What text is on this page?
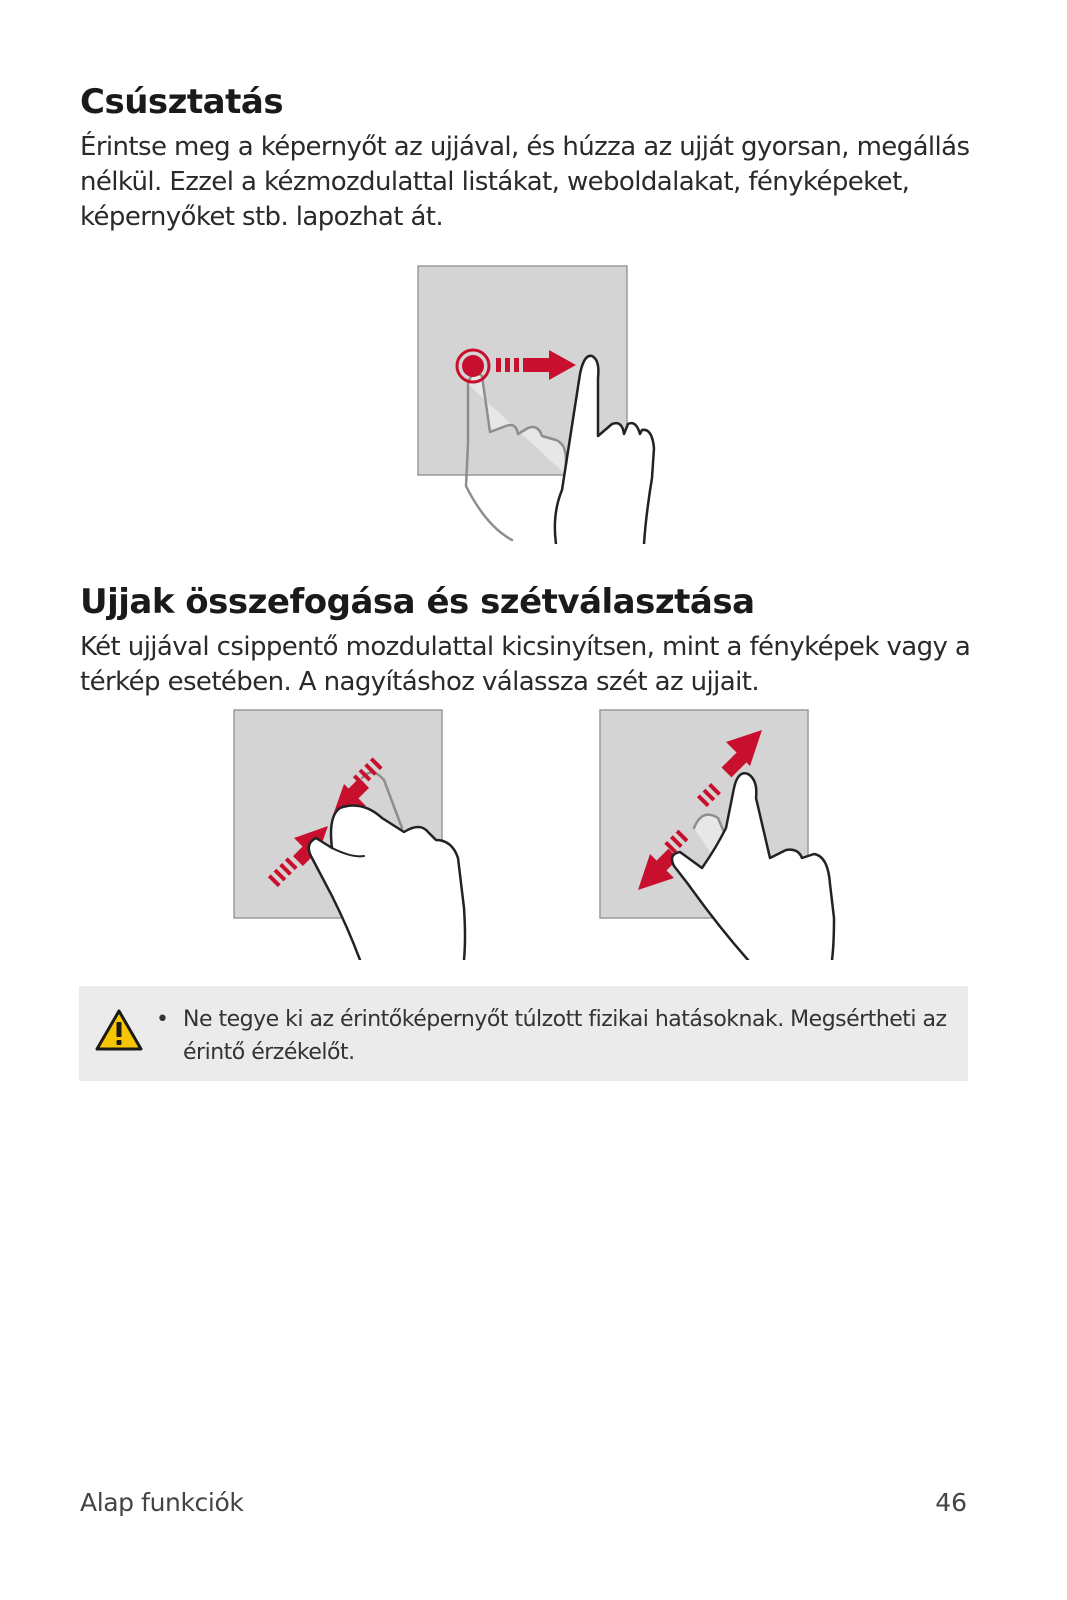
Csúsztatás

Érintse meg a képernyőt az ujjával, és húzza az ujját gyorsan, megállás nélkül. Ezzel a kézmozdulattal listákat, weboldalakat, fényképeket, képernyőket stb. lapozhat át.

Ujjak összefogása és szétválasztása

Két ujjával csippentő mozdulattal kicsinyítsen, mint a fényképek vagy a térkép esetében. A nagyításhoz válassza szét az ujjait.

• Ne tegye ki az érintőképernyőt túlzott fizikai hatásoknak. Megsértheti az érintő érzékelőt.

Alap funkciók	46
